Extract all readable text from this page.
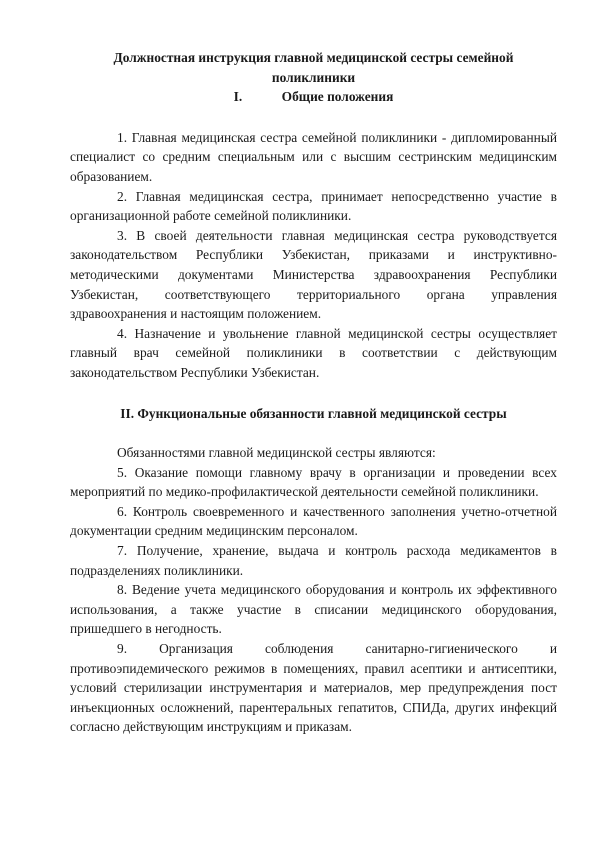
Должностная инструкция главной медицинской сестры семейной поликлиники

I.	Общие положения

1. Главная медицинская сестра семейной поликлиники - дипломированный специалист со средним специальным или с высшим сестринским медицинским образованием.

2. Главная медицинская сестра, принимает непосредственно участие в организационной работе семейной поликлиники.

3. В своей деятельности главная медицинская сестра руководствуется законодательством Республики Узбекистан, приказами и инструктивно-методическими документами Министерства здравоохранения Республики Узбекистан, соответствующего территориального органа управления здравоохранения и настоящим положением.

4. Назначение и увольнение главной медицинской сестры осуществляет главный врач семейной поликлиники в соответствии с действующим законодательством Республики Узбекистан.

II. Функциональные обязанности главной медицинской сестры

Обязанностями главной медицинской сестры являются:

5. Оказание помощи главному врачу в организации и проведении всех мероприятий по медико-профилактической деятельности семейной поликлиники.

6. Контроль своевременного и качественного заполнения учетно-отчетной документации средним медицинским персоналом.

7. Получение, хранение, выдача и контроль расхода медикаментов в подразделениях поликлиники.

8. Ведение учета медицинского оборудования и контроль их эффективного использования, а также участие в списании медицинского оборудования, пришедшего в негодность.

9. Организация соблюдения санитарно-гигиенического и противоэпидемического режимов в помещениях, правил асептики и антисептики, условий стерилизации инструментария и материалов, мер предупреждения пост инъекционных осложнений, парентеральных гепатитов, СПИДа, других инфекций согласно действующим инструкциям и приказам.
